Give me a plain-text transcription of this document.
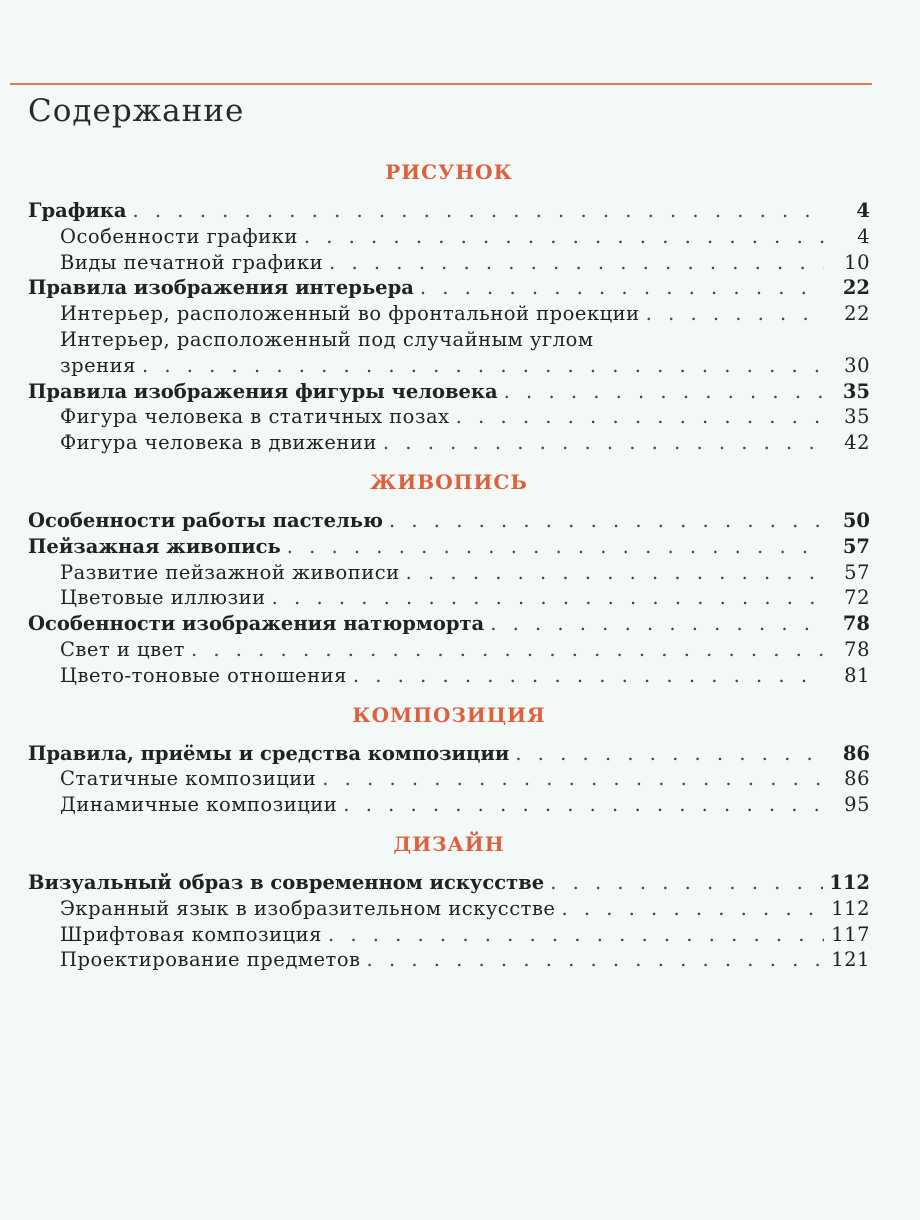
Содержание
РИСУНОК
Графика . . .	4
Особенности графики . . .	4
Виды печатной графики . . .	10
Правила изображения интерьера . . .	22
Интерьер, расположенный во фронтальной проекции . . .	22
Интерьер, расположенный под случайным углом
зрения . . .	30
Правила изображения фигуры человека . . .	35
Фигура человека в статичных позах . . .	35
Фигура человека в движении . . .	42
ЖИВОПИСЬ
Особенности работы пастелью . . .	50
Пейзажная живопись . . .	57
Развитие пейзажной живописи . . .	57
Цветовые иллюзии . . .	72
Особенности изображения натюрморта . . .	78
Свет и цвет . . .	78
Цвето-тоновые отношения . . .	81
КОМПОЗИЦИЯ
Правила, приёмы и средства композиции . . .	86
Статичные композиции . . .	86
Динамичные композиции . . .	95
ДИЗАЙН
Визуальный образ в современном искусстве . . .	112
Экранный язык в изобразительном искусстве . . .	112
Шрифтовая композиция . . .	117
Проектирование предметов . . .	121
